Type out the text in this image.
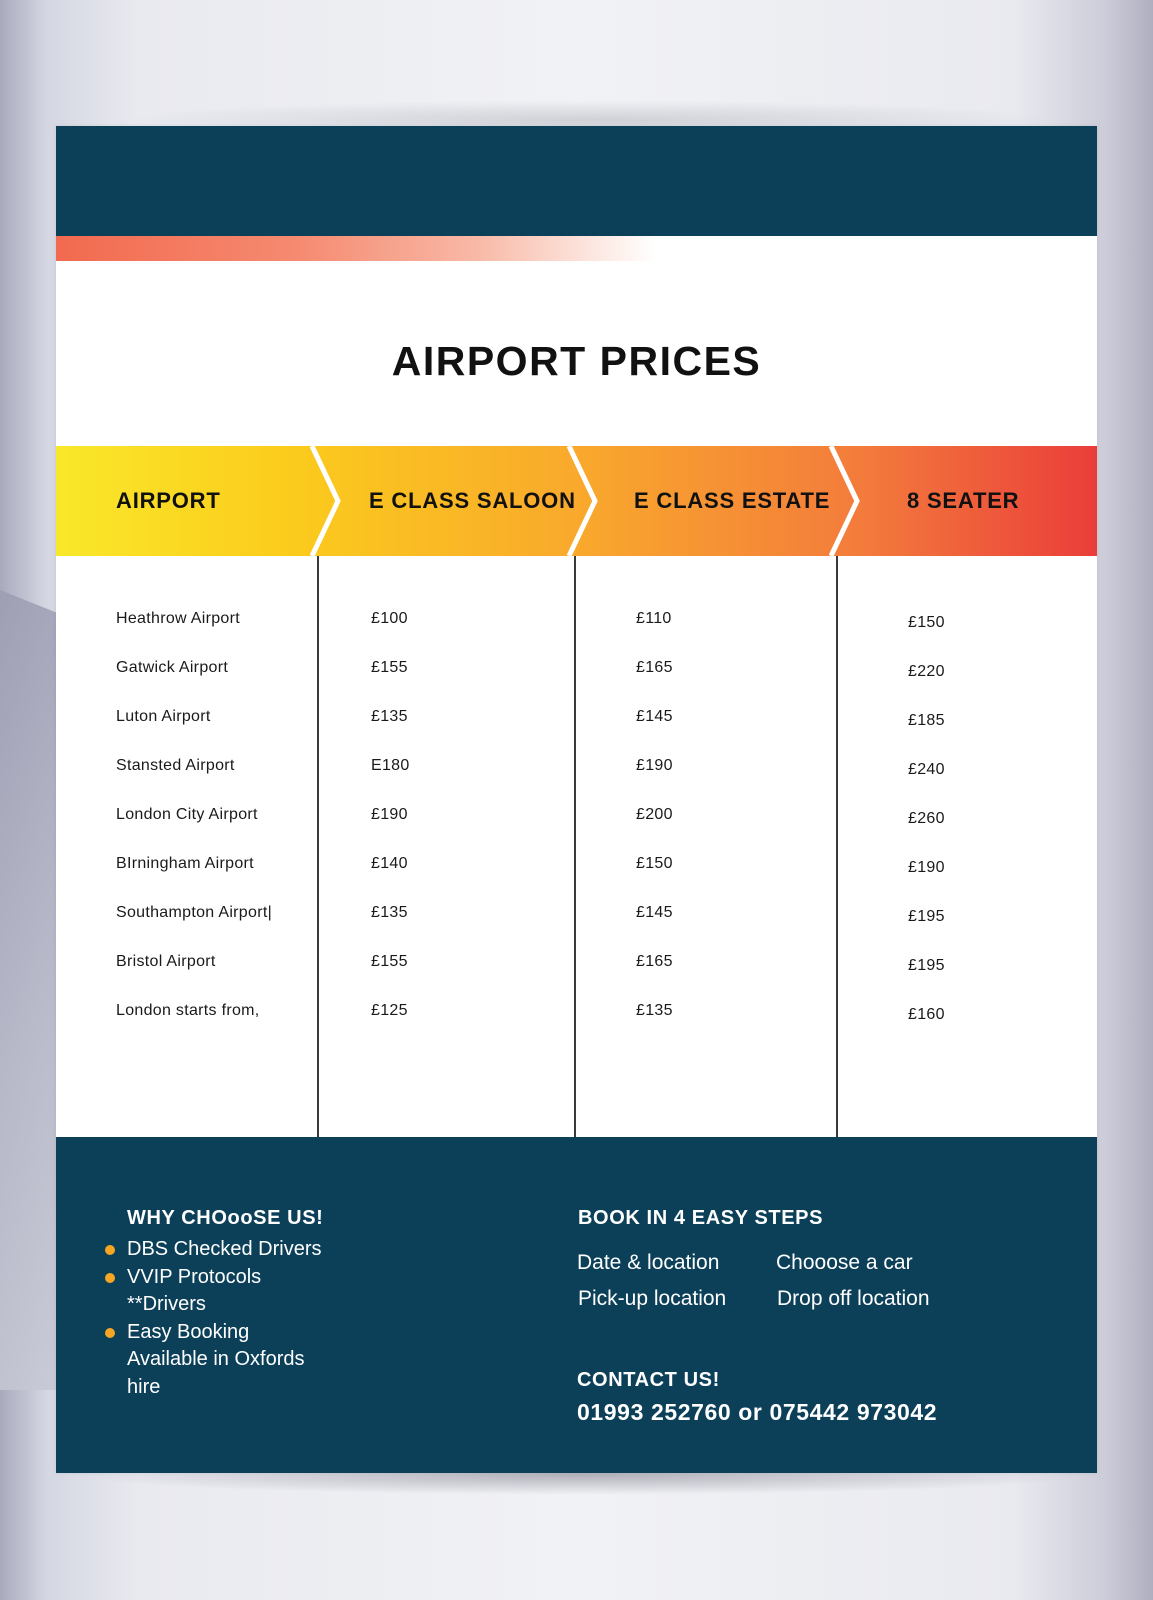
AIRPORT PRICES
AIRPORT	E CLASS SALOON	E CLASS ESTATE	8 SEATER
Heathrow Airport	£100	£110	£150
Gatwick Airport	£155	£165	£220
Luton Airport	£135	£145	£185
Stansted Airport	E180	£190	£240
London City Airport	£190	£200	£260
BIrningham Airport	£140	£150	£190
Southampton Airport|	£135	£145	£195
Bristol Airport	£155	£165	£195
London starts from,	£125	£135	£160
WHY CHOooSE US!
DBS Checked Drivers
VVIP Protocols **Drivers
Easy Booking Available in Oxfords hire
BOOK IN 4 EASY STEPS
Date & location	Chooose a car
Pick-up location Drop off location
CONTACT US!
01993 252760 or 075442 973042
